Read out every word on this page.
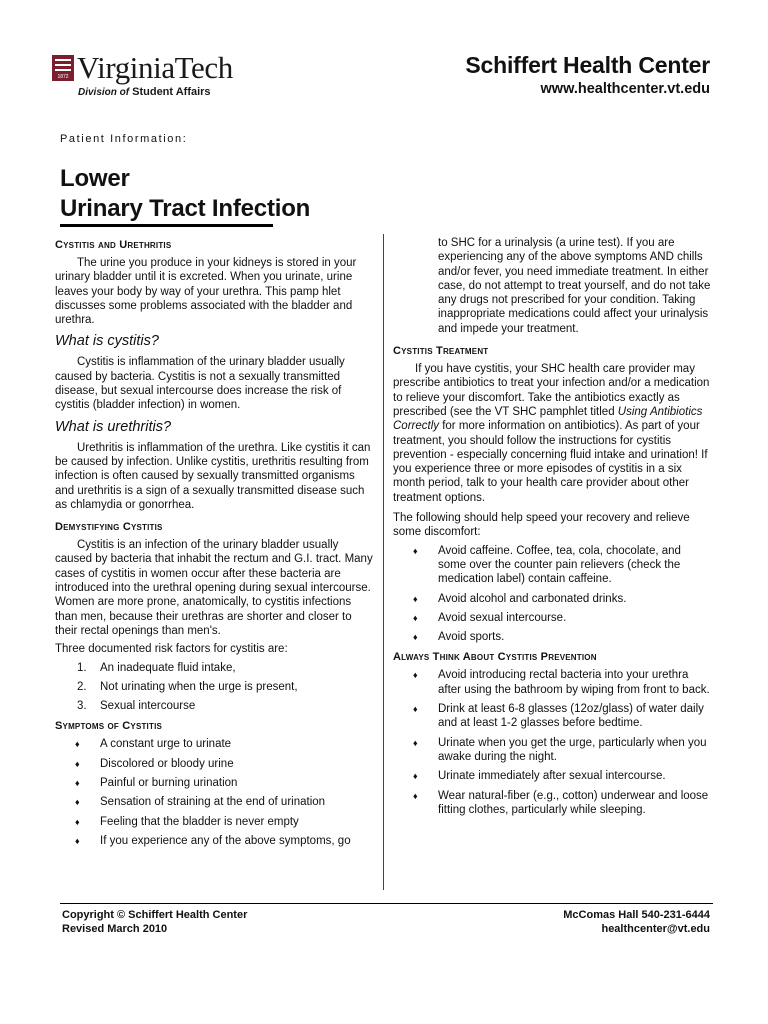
1872 VirginiaTech
Division of Student Affairs
Schiffert Health Center
www.healthcenter.vt.edu
Patient Information:
Lower
Urinary Tract Infection
Cystitis and Urethritis

The urine you produce in your kidneys is stored in your urinary bladder until it is excreted. When you urinate, urine leaves your body by way of your urethra. This pamp hlet discusses some problems associated with the bladder and urethra.

What is cystitis?

Cystitis is inflammation of the urinary bladder usually caused by bacteria. Cystitis is not a sexually transmitted disease, but sexual intercourse does increase the risk of cystitis (bladder infection) in women.

What is urethritis?

Urethritis is inflammation of the urethra. Like cystitis it can be caused by infection. Unlike cystitis, urethritis resulting from infection is often caused by sexually transmitted organisms and urethritis is a sign of a sexually transmitted disease such as chlamydia or gonorrhea.

Demystifying Cystitis

Cystitis is an infection of the urinary bladder usually caused by bacteria that inhabit the rectum and G.I. tract. Many cases of cystitis in women occur after these bacteria are introduced into the urethral opening during sexual intercourse. Women are more prone, anatomically, to cystitis infections than men, because their urethras are shorter and closer to their rectal openings than men's.

Three documented risk factors for cystitis are:

1. An inadequate fluid intake,
2. Not urinating when the urge is present,
3. Sexual intercourse
Symptoms of Cystitis
♦ A constant urge to urinate
♦ Discolored or bloody urine
♦ Painful or burning urination
♦ Sensation of straining at the end of urination
♦ Feeling that the bladder is never empty
♦ If you experience any of the above symptoms, go

to SHC for a urinalysis (a urine test). If you are experiencing any of the above symptoms AND chills and/or fever, you need immediate treatment. In either case, do not attempt to treat yourself, and do not take any drugs not prescribed for your condition. Taking inappropriate medications could affect your urinalysis and impede your treatment.

Cystitis Treatment

If you have cystitis, your SHC health care provider may prescribe antibiotics to treat your infection and/or a medication to relieve your discomfort. Take the antibiotics exactly as prescribed (see the VT SHC pamphlet titled Using Antibiotics Correctly for more information on antibiotics). As part of your treatment, you should follow the instructions for cystitis prevention - especially concerning fluid intake and urination! If you experience three or more episodes of cystitis in a six month period, talk to your health care provider about other treatment options.

The following should help speed your recovery and relieve some discomfort:

♦ Avoid caffeine. Coffee, tea, cola, chocolate, and some over the counter pain relievers (check the medication label) contain caffeine.
♦ Avoid alcohol and carbonated drinks.
♦ Avoid sexual intercourse.
♦ Avoid sports.
Always Think About Cystitis Prevention
♦ Avoid introducing rectal bacteria into your urethra after using the bathroom by wiping from front to back.
♦ Drink at least 6-8 glasses (12oz/glass) of water daily and at least 1-2 glasses before bedtime.
♦ Urinate when you get the urge, particularly when you awake during the night.
♦ Urinate immediately after sexual intercourse.
♦ Wear natural-fiber (e.g., cotton) underwear and loose fitting clothes, particularly while sleeping.
Copyright © Schiffert Health Center
Revised March 2010
McComas Hall 540-231-6444
healthcenter@vt.edu
